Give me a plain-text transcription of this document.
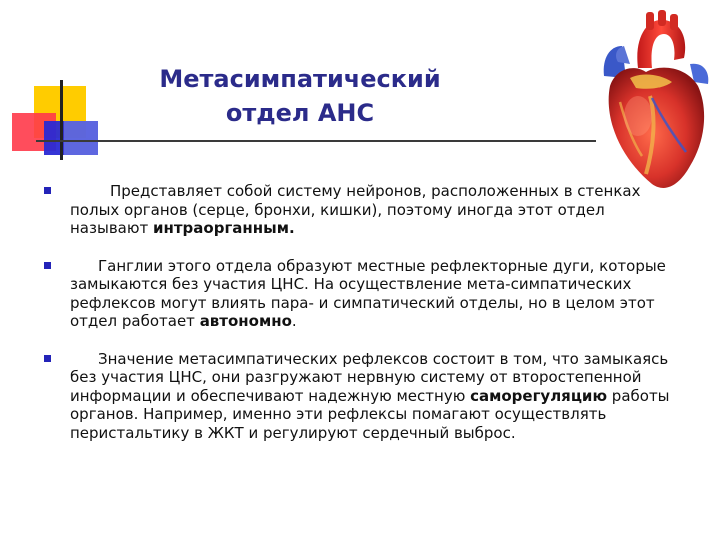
Метасимпатический
отдел АНС
Представляет собой систему нейронов, расположенных в стенках полых органов (серце, бронхи, кишки), поэтому иногда этот отдел называют интраорганным.
Ганглии этого отдела образуют местные рефлекторные дуги, которые замыкаются без участия ЦНС. На осуществление мета-симпатических рефлексов могут влиять пара- и симпатический отделы, но в целом этот отдел работает автономно.
Значение метасимпатических рефлексов состоит в том, что замыкаясь без участия ЦНС, они разгружают нервную систему от второстепенной информации и обеспечивают надежную местную саморегуляцию работы органов. Например, именно эти рефлексы помагают осуществлять перистальтику в ЖКТ и регулируют сердечный выброс.
